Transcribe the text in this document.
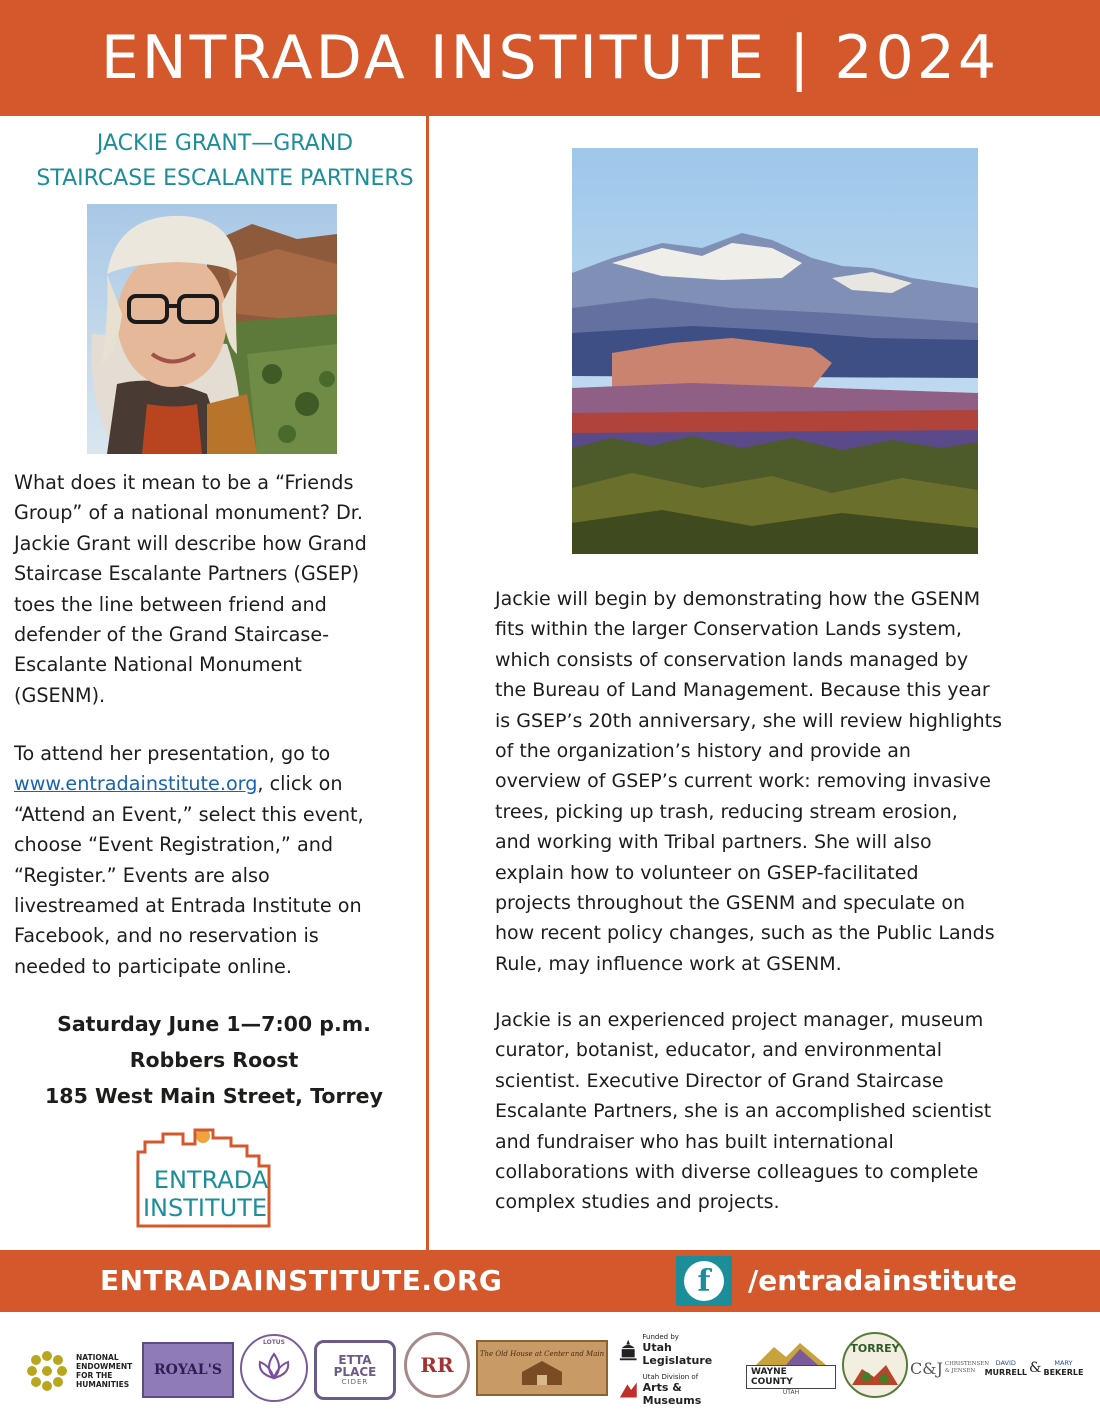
ENTRADA INSTITUTE | 2024
JACKIE GRANT—GRAND
STAIRCASE ESCALANTE PARTNERS
What does it mean to be a “Friends
Group” of a national monument? Dr.
Jackie Grant will describe how Grand
Staircase Escalante Partners (GSEP)
toes the line between friend and
defender of the Grand Staircase-
Escalante National Monument
(GSENM).
To attend her presentation, go to
www.entradainstitute.org, click on
“Attend an Event,” select this event,
choose “Event Registration,” and
“Register.” Events are also
livestreamed at Entrada Institute on
Facebook, and no reservation is
needed to participate online.
Saturday June 1—7:00 p.m.
Robbers Roost
185 West Main Street, Torrey
ENTRADA
INSTITUTE
Jackie will begin by demonstrating how the GSENM
fits within the larger Conservation Lands system,
which consists of conservation lands managed by
the Bureau of Land Management. Because this year
is GSEP’s 20th anniversary, she will review highlights
of the organization’s history and provide an
overview of GSEP’s current work: removing invasive
trees, picking up trash, reducing stream erosion,
and working with Tribal partners. She will also
explain how to volunteer on GSEP-facilitated
projects throughout the GSENM and speculate on
how recent policy changes, such as the Public Lands
Rule, may influence work at GSENM.
Jackie is an experienced project manager, museum
curator, botanist, educator, and environmental
scientist. Executive Director of Grand Staircase
Escalante Partners, she is an accomplished scientist
and fundraiser who has built international
collaborations with diverse colleagues to complete
complex studies and projects.
ENTRADAINSTITUTE.ORG	f	/entradainstitute
NATIONAL
ENDOWMENT
FOR THE
HUMANITIES
ROYAL'S
LOTUS
ETTA
PLACE
CIDER
RR	The Old House at Center and Main
Funded by
Utah Legislature
Utah Division of
Arts & Museums
WAYNE COUNTY
UTAH
TORREY
C&J CHRISTENSEN
& JENSEN
DAVID
MURRELL &	MARY
BEKERLE
